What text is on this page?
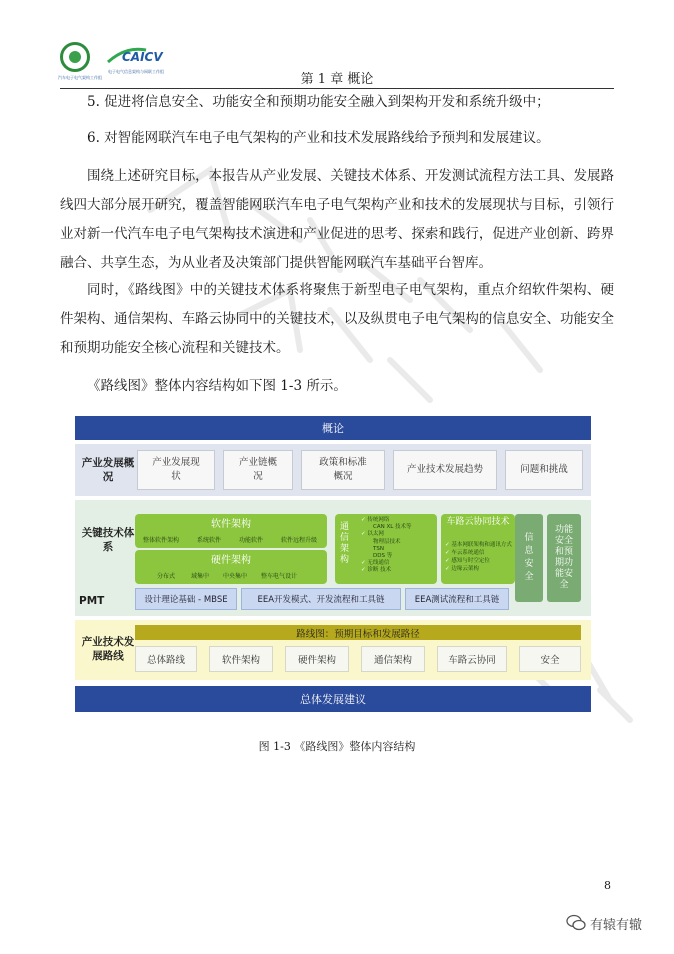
汽车电子电气架构工作组
CAICV
电子电气信息架构与网联工作组
第 1 章 概论
5. 促进将信息安全、功能安全和预期功能安全融入到架构开发和系统升级中；
6. 对智能网联汽车电子电气架构的产业和技术发展路线给予预判和发展建议。
围绕上述研究目标，本报告从产业发展、关键技术体系、开发测试流程方法工具、发展路线四大部分展开研究，覆盖智能网联汽车电子电气架构产业和技术的发展现状与目标，引领行业对新一代汽车电子电气架构技术演进和产业促进的思考、探索和践行，促进产业创新、跨界融合、共享生态，为从业者及决策部门提供智能网联汽车基础平台智库。
同时，《路线图》中的关键技术体系将聚焦于新型电子电气架构，重点介绍软件架构、硬件架构、通信架构、车路云协同中的关键技术，以及纵贯电子电气架构的信息安全、功能安全和预期功能安全核心流程和关键技术。
《路线图》整体内容结构如下图 1-3 所示。
概论
产业发展概况
产业发展现状
产业链概况
政策和标准概况
产业技术发展趋势	问题和挑战
关键技术体系
PMT
软件架构
整体软件架构	系统软件	功能软件	软件远程升级
硬件架构
分布式	域集中 中央集中 整车电气设计
通信架构
✓ 传统网络
CAN XL 技术等
✓ 以太网
物理层技术
TSN
DDS 等
✓ 无线通信
✓ 诊断 技术
车路云协同技术
✓ 基本网联架构和通讯方式
✓ 车云系统通信
✓ 感知与时空定位
✓ 边缘云架构
信息安全
功能安全和预期功能安全
设计理论基础 - MBSE	EEA开发模式、开发流程和工具链	EEA测试流程和工具链
产业技术发展路线
路线图：预期目标和发展路径
总体路线	软件架构	硬件架构	通信架构	车路云协同	安全
总体发展建议
图 1-3 《路线图》整体内容结构
8
有辕有辙
